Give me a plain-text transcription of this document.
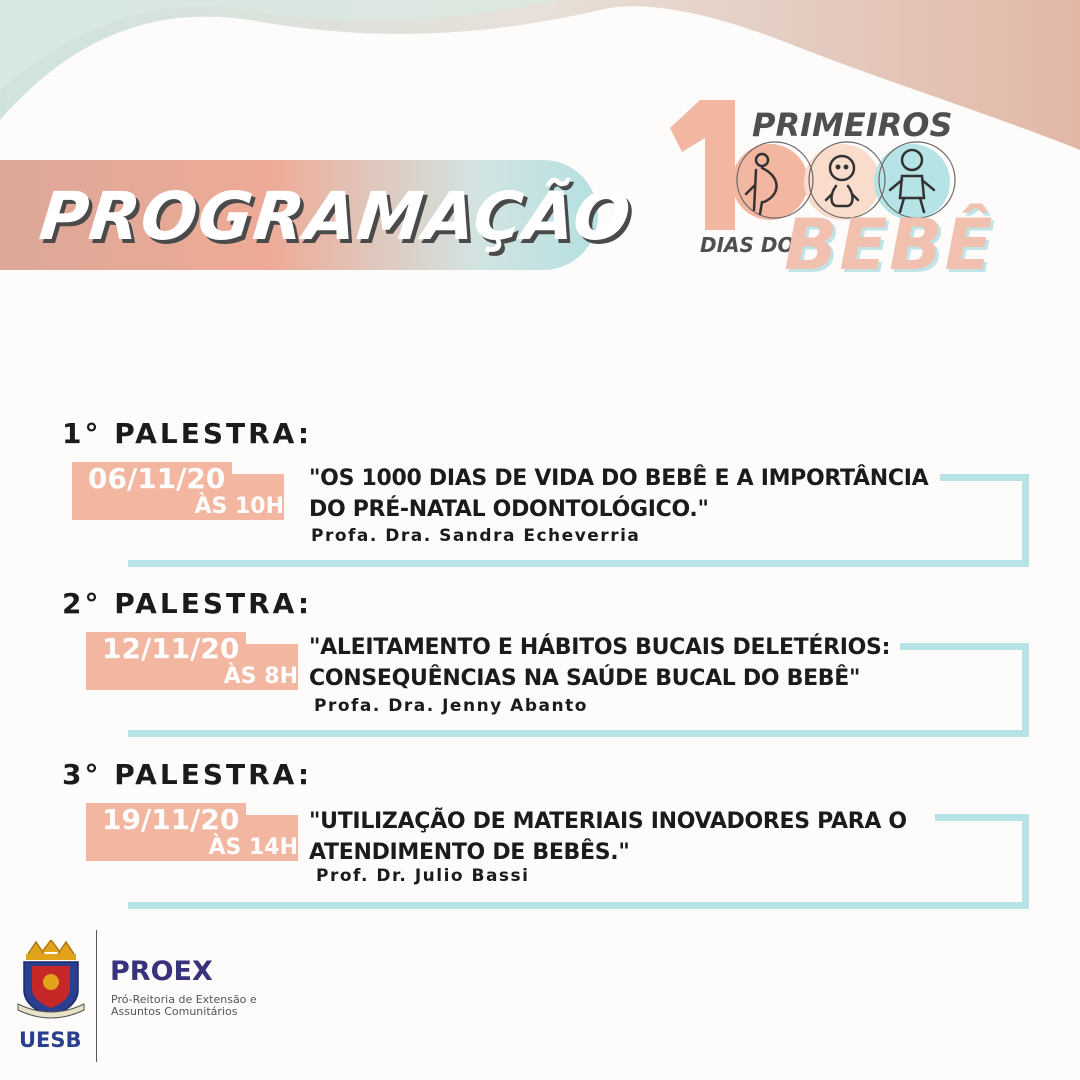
PROGRAMAÇÃO
PRIMEIROS
DIAS DO
BEBÊ
1° PALESTRA:
06/11/20
ÀS 10H
"OS 1000 DIAS DE VIDA DO BEBÊ E A IMPORTÂNCIA
DO PRÉ-NATAL ODONTOLÓGICO."
Profa. Dra. Sandra Echeverria
2° PALESTRA:
12/11/20
ÀS 8H
"ALEITAMENTO E HÁBITOS BUCAIS DELETÉRIOS:
CONSEQUÊNCIAS NA SAÚDE BUCAL DO BEBÊ"
Profa. Dra. Jenny Abanto
3° PALESTRA:
19/11/20
ÀS 14H
"UTILIZAÇÃO DE MATERIAIS INOVADORES PARA O
ATENDIMENTO DE BEBÊS."
Prof. Dr. Julio Bassi
UESB
PROEX
Pró-Reitoria de Extensão e
Assuntos Comunitários
